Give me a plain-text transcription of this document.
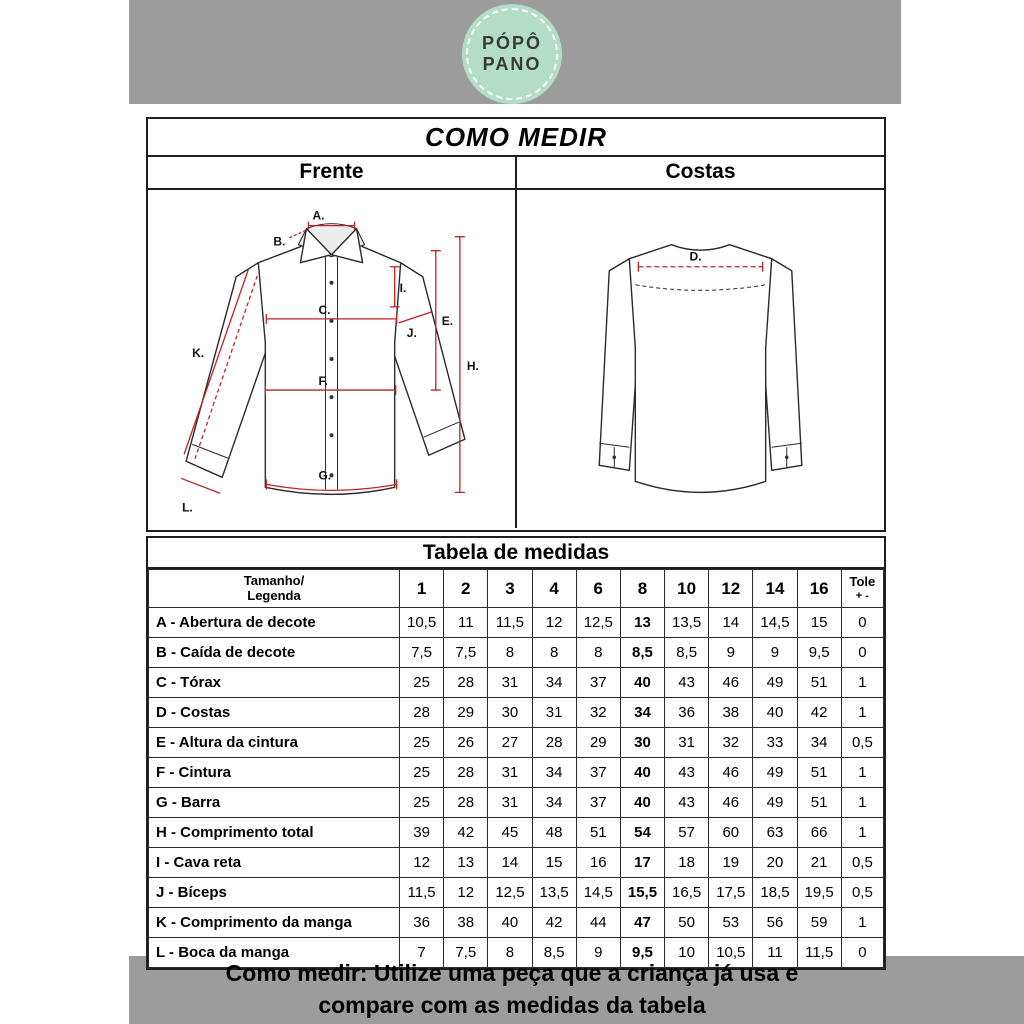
PÓPÔ
PANO
COMO MEDIR
Frente	Costas
A.
B.
C.
E.
F.
G.
H.
I.
J.
K.
L.
D.
Tabela de medidas
Tamanho/
Legenda	1	2	3	4	6	8	10	12	14	16	Tole
+ -

A - Abertura de decote	10,5	11	11,5	12	12,5	13	13,5	14	14,5	15	0
B - Caída de decote	7,5	7,5	8	8	8	8,5	8,5	9	9	9,5	0
C - Tórax	25	28	31	34	37	40	43	46	49	51	1
D - Costas	28	29	30	31	32	34	36	38	40	42	1
E - Altura da cintura	25	26	27	28	29	30	31	32	33	34	0,5
F - Cintura	25	28	31	34	37	40	43	46	49	51	1
G - Barra	25	28	31	34	37	40	43	46	49	51	1
H - Comprimento total	39	42	45	48	51	54	57	60	63	66	1
I - Cava reta	12	13	14	15	16	17	18	19	20	21	0,5
J - Bíceps	11,5	12	12,5	13,5	14,5	15,5	16,5	17,5	18,5	19,5	0,5
K - Comprimento da manga	36	38	40	42	44	47	50	53	56	59	1
L - Boca da manga	7	7,5	8	8,5	9	9,5	10	10,5	11	11,5	0
Como medir: Utilize uma peça que a criança já usa e
compare com as medidas da tabela
